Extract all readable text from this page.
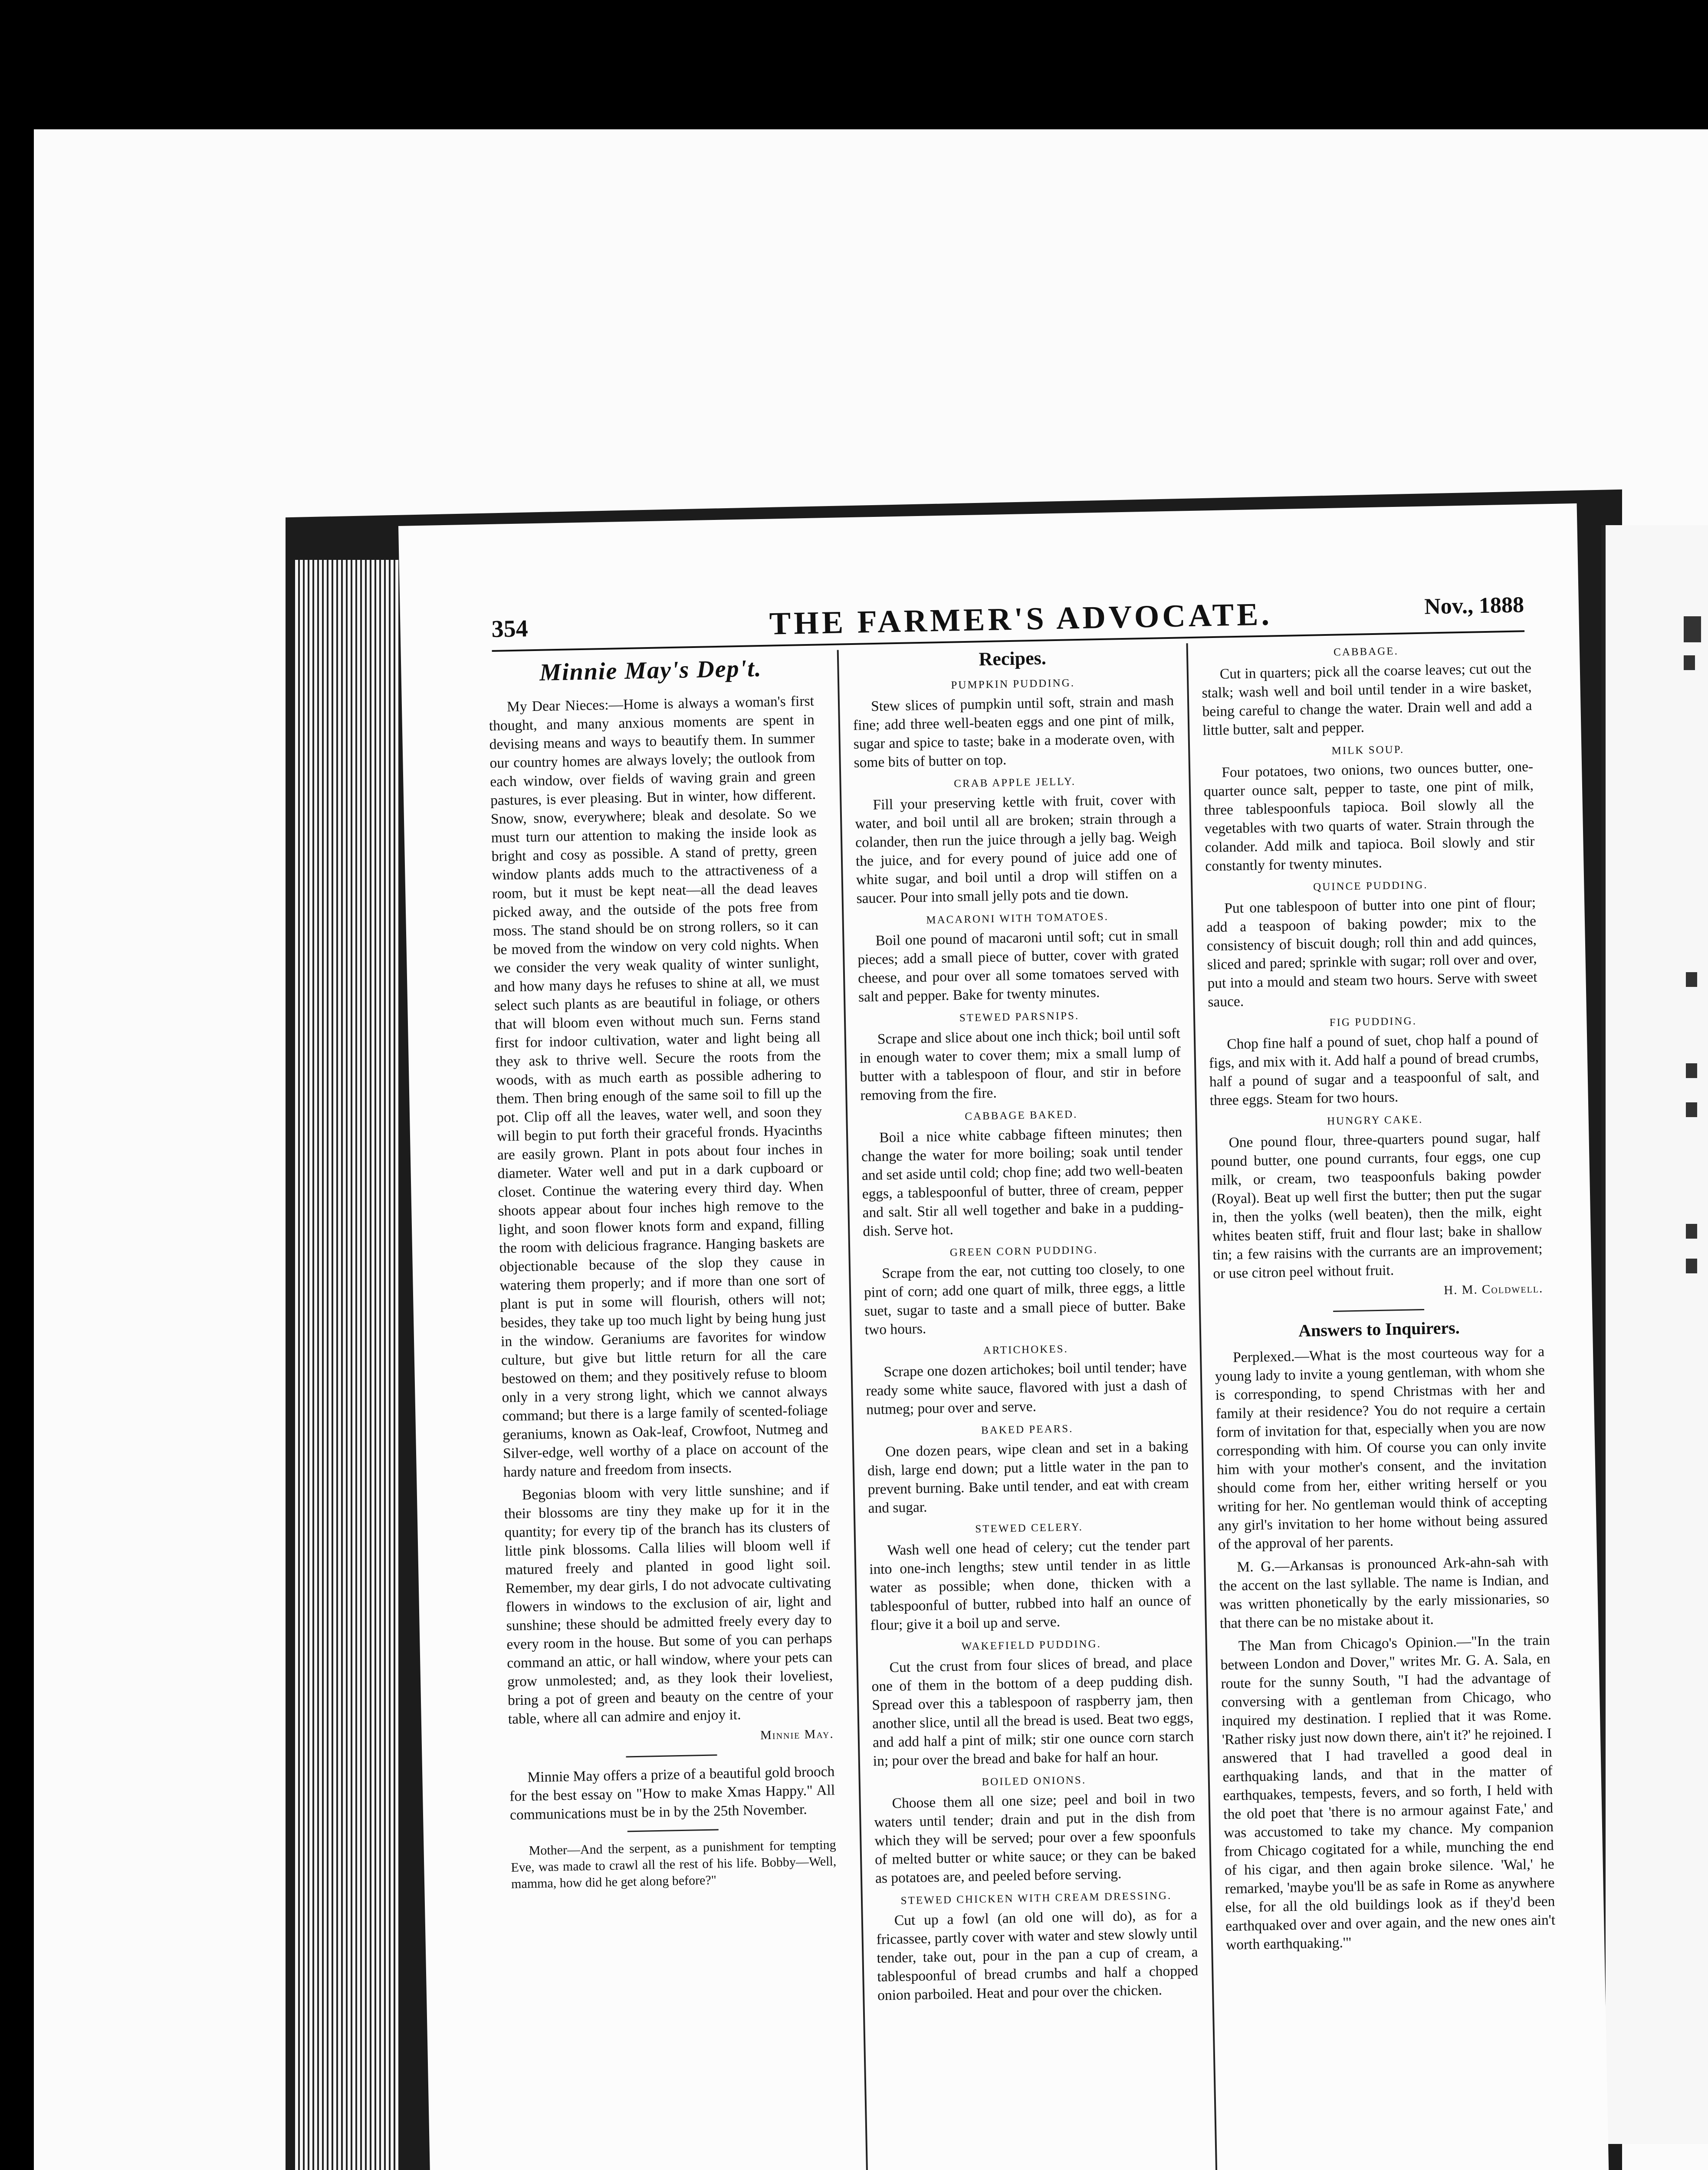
354	THE FARMER'S ADVOCATE.	Nov., 1888
Minnie May's Dep't.

My Dear Nieces:—Home is always a woman's first thought, and many anxious moments are spent in devising means and ways to beautify them. In summer our country homes are always lovely; the outlook from each window, over fields of waving grain and green pastures, is ever pleasing. But in winter, how different. Snow, snow, everywhere; bleak and desolate. So we must turn our attention to making the inside look as bright and cosy as possible. A stand of pretty, green window plants adds much to the attractiveness of a room, but it must be kept neat—all the dead leaves picked away, and the outside of the pots free from moss. The stand should be on strong rollers, so it can be moved from the window on very cold nights. When we consider the very weak quality of winter sunlight, and how many days he refuses to shine at all, we must select such plants as are beautiful in foliage, or others that will bloom even without much sun. Ferns stand first for indoor cultivation, water and light being all they ask to thrive well. Secure the roots from the woods, with as much earth as possible adhering to them. Then bring enough of the same soil to fill up the pot. Clip off all the leaves, water well, and soon they will begin to put forth their graceful fronds. Hyacinths are easily grown. Plant in pots about four inches in diameter. Water well and put in a dark cupboard or closet. Continue the watering every third day. When shoots appear about four inches high remove to the light, and soon flower knots form and expand, filling the room with delicious fragrance. Hanging baskets are objectionable because of the slop they cause in watering them properly; and if more than one sort of plant is put in some will flourish, others will not; besides, they take up too much light by being hung just in the window. Geraniums are favorites for window culture, but give but little return for all the care bestowed on them; and they positively refuse to bloom only in a very strong light, which we cannot always command; but there is a large family of scented-foliage geraniums, known as Oak-leaf, Crowfoot, Nutmeg and Silver-edge, well worthy of a place on account of the hardy nature and freedom from insects.

Begonias bloom with very little sunshine; and if their blossoms are tiny they make up for it in the quantity; for every tip of the branch has its clusters of little pink blossoms. Calla lilies will bloom well if matured freely and planted in good light soil. Remember, my dear girls, I do not advocate cultivating flowers in windows to the exclusion of air, light and sunshine; these should be admitted freely every day to every room in the house. But some of you can perhaps command an attic, or hall window, where your pets can grow unmolested; and, as they look their loveliest, bring a pot of green and beauty on the centre of your table, where all can admire and enjoy it.

Minnie May.

Minnie May offers a prize of a beautiful gold brooch for the best essay on "How to make Xmas Happy." All communications must be in by the 25th November.

Mother—And the serpent, as a punishment for tempting Eve, was made to crawl all the rest of his life. Bobby—Well, mamma, how did he get along before?"

Recipes.
PUMPKIN PUDDING.

Stew slices of pumpkin until soft, strain and mash fine; add three well-beaten eggs and one pint of milk, sugar and spice to taste; bake in a moderate oven, with some bits of butter on top.

CRAB APPLE JELLY.

Fill your preserving kettle with fruit, cover with water, and boil until all are broken; strain through a colander, then run the juice through a jelly bag. Weigh the juice, and for every pound of juice add one of white sugar, and boil until a drop will stiffen on a saucer. Pour into small jelly pots and tie down.

MACARONI WITH TOMATOES.

Boil one pound of macaroni until soft; cut in small pieces; add a small piece of butter, cover with grated cheese, and pour over all some tomatoes served with salt and pepper. Bake for twenty minutes.

STEWED PARSNIPS.

Scrape and slice about one inch thick; boil until soft in enough water to cover them; mix a small lump of butter with a tablespoon of flour, and stir in before removing from the fire.

CABBAGE BAKED.

Boil a nice white cabbage fifteen minutes; then change the water for more boiling; soak until tender and set aside until cold; chop fine; add two well-beaten eggs, a tablespoonful of butter, three of cream, pepper and salt. Stir all well together and bake in a pudding-dish. Serve hot.

GREEN CORN PUDDING.

Scrape from the ear, not cutting too closely, to one pint of corn; add one quart of milk, three eggs, a little suet, sugar to taste and a small piece of butter. Bake two hours.

ARTICHOKES.

Scrape one dozen artichokes; boil until tender; have ready some white sauce, flavored with just a dash of nutmeg; pour over and serve.

BAKED PEARS.

One dozen pears, wipe clean and set in a baking dish, large end down; put a little water in the pan to prevent burning. Bake until tender, and eat with cream and sugar.

STEWED CELERY.

Wash well one head of celery; cut the tender part into one-inch lengths; stew until tender in as little water as possible; when done, thicken with a tablespoonful of butter, rubbed into half an ounce of flour; give it a boil up and serve.

WAKEFIELD PUDDING.

Cut the crust from four slices of bread, and place one of them in the bottom of a deep pudding dish. Spread over this a tablespoon of raspberry jam, then another slice, until all the bread is used. Beat two eggs, and add half a pint of milk; stir one ounce corn starch in; pour over the bread and bake for half an hour.

BOILED ONIONS.

Choose them all one size; peel and boil in two waters until tender; drain and put in the dish from which they will be served; pour over a few spoonfuls of melted butter or white sauce; or they can be baked as potatoes are, and peeled before serving.

STEWED CHICKEN WITH CREAM DRESSING.

Cut up a fowl (an old one will do), as for a fricassee, partly cover with water and stew slowly until tender, take out, pour in the pan a cup of cream, a tablespoonful of bread crumbs and half a chopped onion parboiled. Heat and pour over the chicken.

CABBAGE.

Cut in quarters; pick all the coarse leaves; cut out the stalk; wash well and boil until tender in a wire basket, being careful to change the water. Drain well and add a little butter, salt and pepper.

MILK SOUP.

Four potatoes, two onions, two ounces butter, one-quarter ounce salt, pepper to taste, one pint of milk, three tablespoonfuls tapioca. Boil slowly all the vegetables with two quarts of water. Strain through the colander. Add milk and tapioca. Boil slowly and stir constantly for twenty minutes.

QUINCE PUDDING.

Put one tablespoon of butter into one pint of flour; add a teaspoon of baking powder; mix to the consistency of biscuit dough; roll thin and add quinces, sliced and pared; sprinkle with sugar; roll over and over, put into a mould and steam two hours. Serve with sweet sauce.

FIG PUDDING.

Chop fine half a pound of suet, chop half a pound of figs, and mix with it. Add half a pound of bread crumbs, half a pound of sugar and a teaspoonful of salt, and three eggs. Steam for two hours.

HUNGRY CAKE.

One pound flour, three-quarters pound sugar, half pound butter, one pound currants, four eggs, one cup milk, or cream, two teaspoonfuls baking powder (Royal). Beat up well first the butter; then put the sugar in, then the yolks (well beaten), then the milk, eight whites beaten stiff, fruit and flour last; bake in shallow tin; a few raisins with the currants are an improvement; or use citron peel without fruit.

H. M. Coldwell.
Answers to Inquirers.

Perplexed.—What is the most courteous way for a young lady to invite a young gentleman, with whom she is corresponding, to spend Christmas with her and family at their residence? You do not require a certain form of invitation for that, especially when you are now corresponding with him. Of course you can only invite him with your mother's consent, and the invitation should come from her, either writing herself or you writing for her. No gentleman would think of accepting any girl's invitation to her home without being assured of the approval of her parents.

M. G.—Arkansas is pronounced Ark-ahn-sah with the accent on the last syllable. The name is Indian, and was written phonetically by the early missionaries, so that there can be no mistake about it.

The Man from Chicago's Opinion.—"In the train between London and Dover," writes Mr. G. A. Sala, en route for the sunny South, "I had the advantage of conversing with a gentleman from Chicago, who inquired my destination. I replied that it was Rome. 'Rather risky just now down there, ain't it?' he rejoined. I answered that I had travelled a good deal in earthquaking lands, and that in the matter of earthquakes, tempests, fevers, and so forth, I held with the old poet that 'there is no armour against Fate,' and was accustomed to take my chance. My companion from Chicago cogitated for a while, munching the end of his cigar, and then again broke silence. 'Wal,' he remarked, 'maybe you'll be as safe in Rome as anywhere else, for all the old buildings look as if they'd been earthquaked over and over again, and the new ones ain't worth earthquaking.'"
